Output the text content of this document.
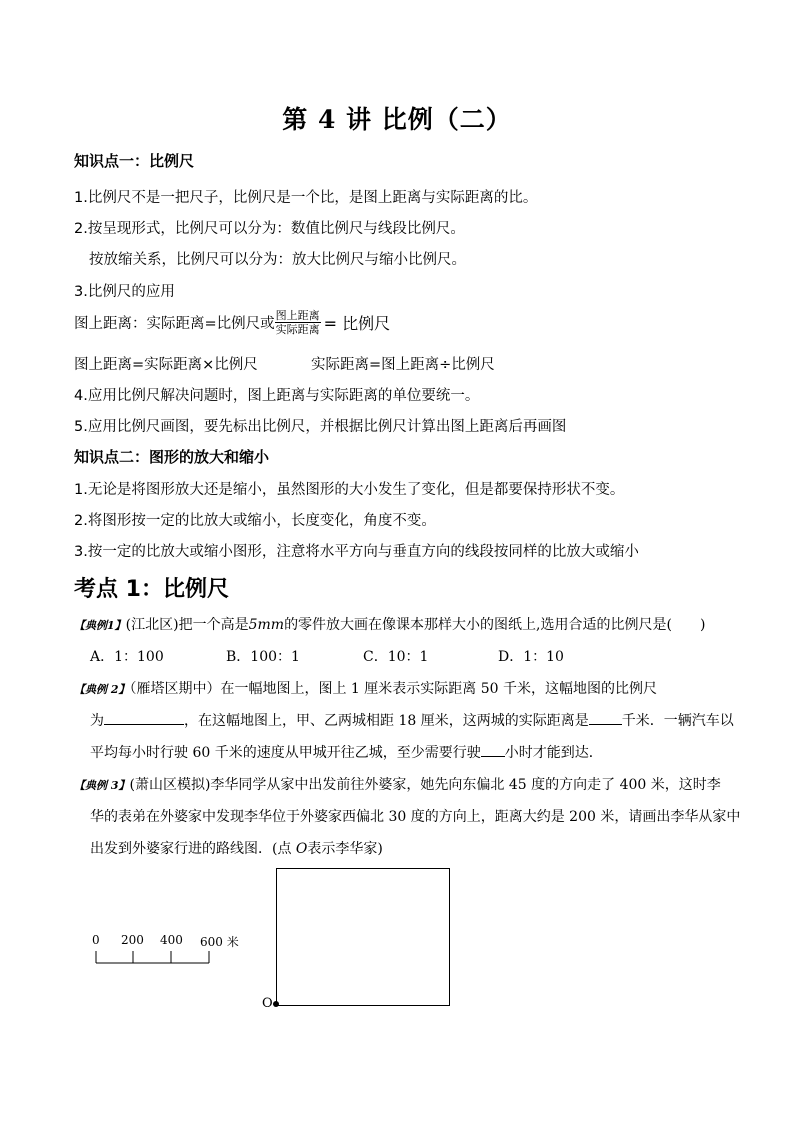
第 4 讲 比例（二）
知识点一：比例尺
1.比例尺不是一把尺子，比例尺是一个比，是图上距离与实际距离的比。
2.按呈现形式，比例尺可以分为：数值比例尺与线段比例尺。
按放缩关系，比例尺可以分为：放大比例尺与缩小比例尺。
3.比例尺的应用
图上距离：实际距离=比例尺或 $\frac{\text{图上距离}}{\text{实际距离}}$ = 比例尺
图上距离=实际距离×比例尺	实际距离=图上距离÷比例尺
4.应用比例尺解决问题时，图上距离与实际距离的单位要统一。
5.应用比例尺画图，要先标出比例尺，并根据比例尺计算出图上距离后再画图
知识点二：图形的放大和缩小
1.无论是将图形放大还是缩小，虽然图形的大小发生了变化，但是都要保持形状不变。
2.将图形按一定的比放大或缩小，长度变化，角度不变。
3.按一定的比放大或缩小图形，注意将水平方向与垂直方向的线段按同样的比放大或缩小
考点 1：比例尺
【典例1】(江北区)把一个高是5mm的零件放大画在像课本那样大小的图纸上,选用合适的比例尺是(　　)
A．1：100	B．100：1	C．10：1	D．1：10
【典例 2】（雁塔区期中）在一幅地图上，图上 1 厘米表示实际距离 50 千米，这幅地图的比例尺
为	，在这幅地图上，甲、乙两城相距 18 厘米，这两城的实际距离是 千米．一辆汽车以
平均每小时行驶 60 千米的速度从甲城开往乙城，至少需要行驶 小时才能到达．
【典例 3】(萧山区模拟)李华同学从家中出发前往外婆家，她先向东偏北 45 度的方向走了 400 米，这时李
华的表弟在外婆家中发现李华位于外婆家西偏北 30 度的方向上，距离大约是 200 米，请画出李华从家中
出发到外婆家行进的路线图．(点 O表示李华家)
0 200 400 600 米
O
